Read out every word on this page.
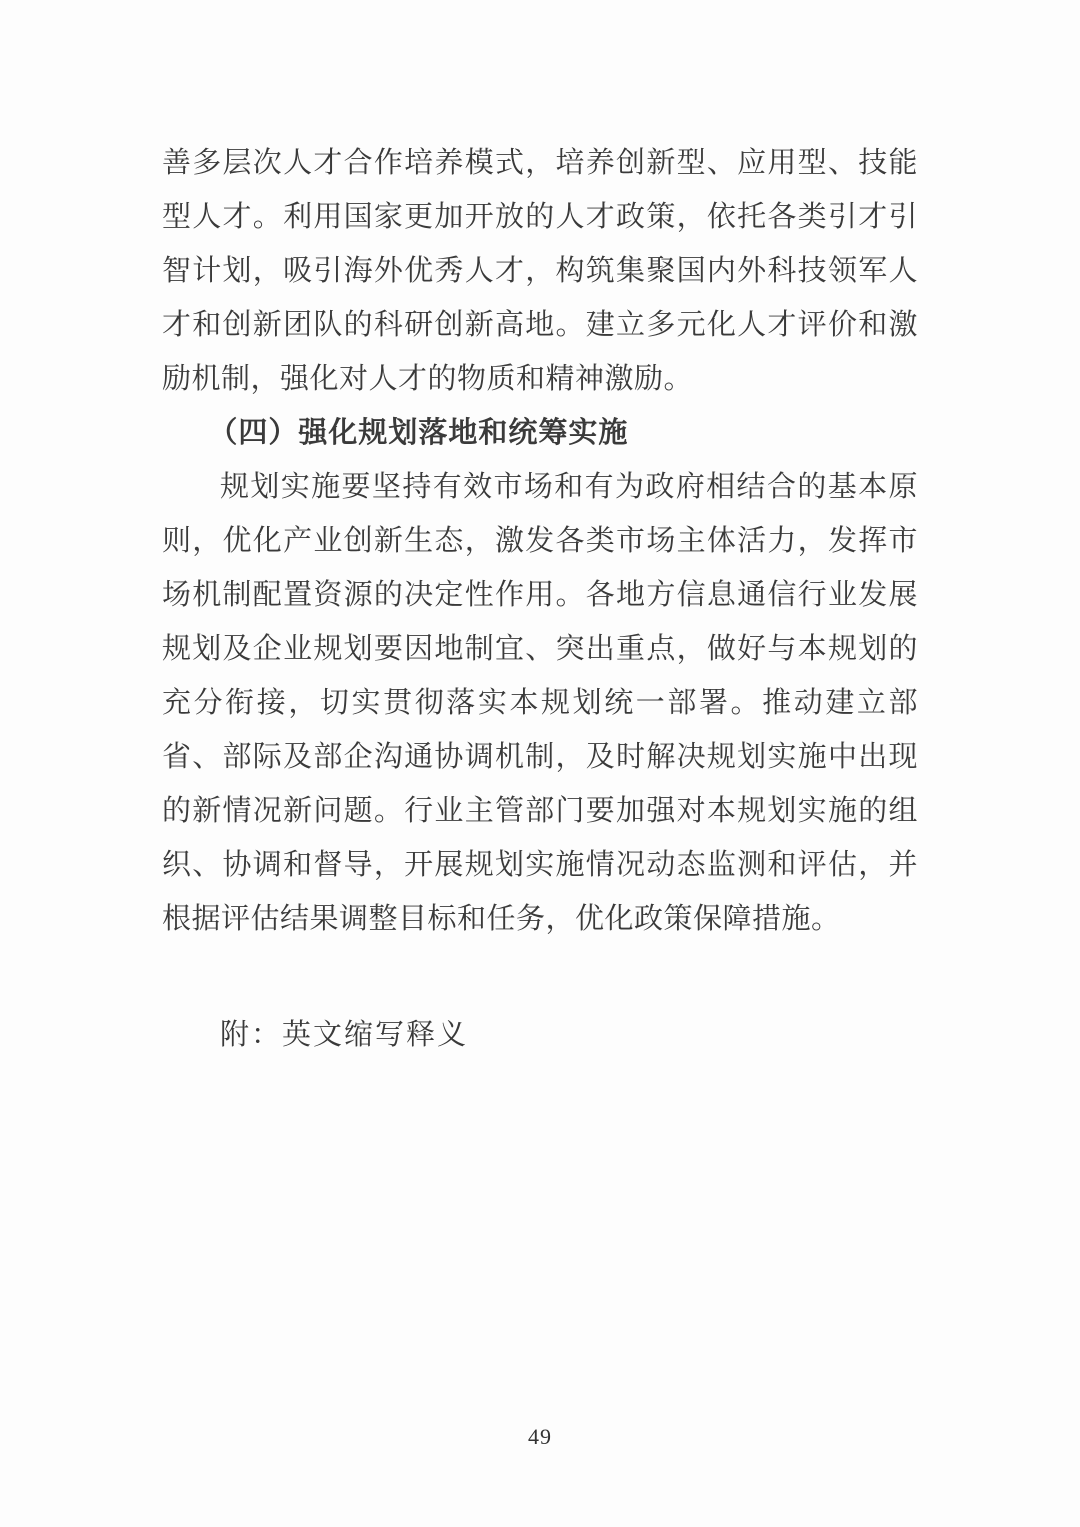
善多层次人才合作培养模式，培养创新型、应用型、技能型人才。利用国家更加开放的人才政策，依托各类引才引智计划，吸引海外优秀人才，构筑集聚国内外科技领军人才和创新团队的科研创新高地。建立多元化人才评价和激励机制，强化对人才的物质和精神激励。

（四）强化规划落地和统筹实施

规划实施要坚持有效市场和有为政府相结合的基本原则，优化产业创新生态，激发各类市场主体活力，发挥市场机制配置资源的决定性作用。各地方信息通信行业发展规划及企业规划要因地制宜、突出重点，做好与本规划的充分衔接，切实贯彻落实本规划统一部署。推动建立部省、部际及部企沟通协调机制，及时解决规划实施中出现的新情况新问题。行业主管部门要加强对本规划实施的组织、协调和督导，开展规划实施情况动态监测和评估，并根据评估结果调整目标和任务，优化政策保障措施。

附：英文缩写释义

49
